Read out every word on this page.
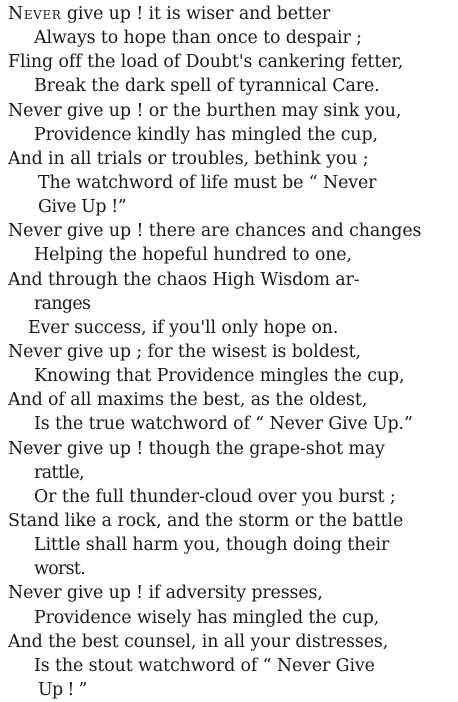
Never give up ! it is wiser and better
Always to hope than once to despair ;
Fling off the load of Doubt's cankering fetter,
Break the dark spell of tyrannical Care.
Never give up ! or the burthen may sink you,
Providence kindly has mingled the cup,
And in all trials or troubles, bethink you ;
The watchword of life must be “ Never
Give Up !”
Never give up ! there are chances and changes
Helping the hopeful hundred to one,
And through the chaos High Wisdom ar-
ranges
Ever success, if you'll only hope on.
Never give up ; for the wisest is boldest,
Knowing that Providence mingles the cup,
And of all maxims the best, as the oldest,
Is the true watchword of “ Never Give Up.”
Never give up ! though the grape-shot may
rattle,
Or the full thunder-cloud over you burst ;
Stand like a rock, and the storm or the battle
Little shall harm you, though doing their
worst.
Never give up ! if adversity presses,
Providence wisely has mingled the cup,
And the best counsel, in all your distresses,
Is the stout watchword of “ Never Give
Up ! ”
